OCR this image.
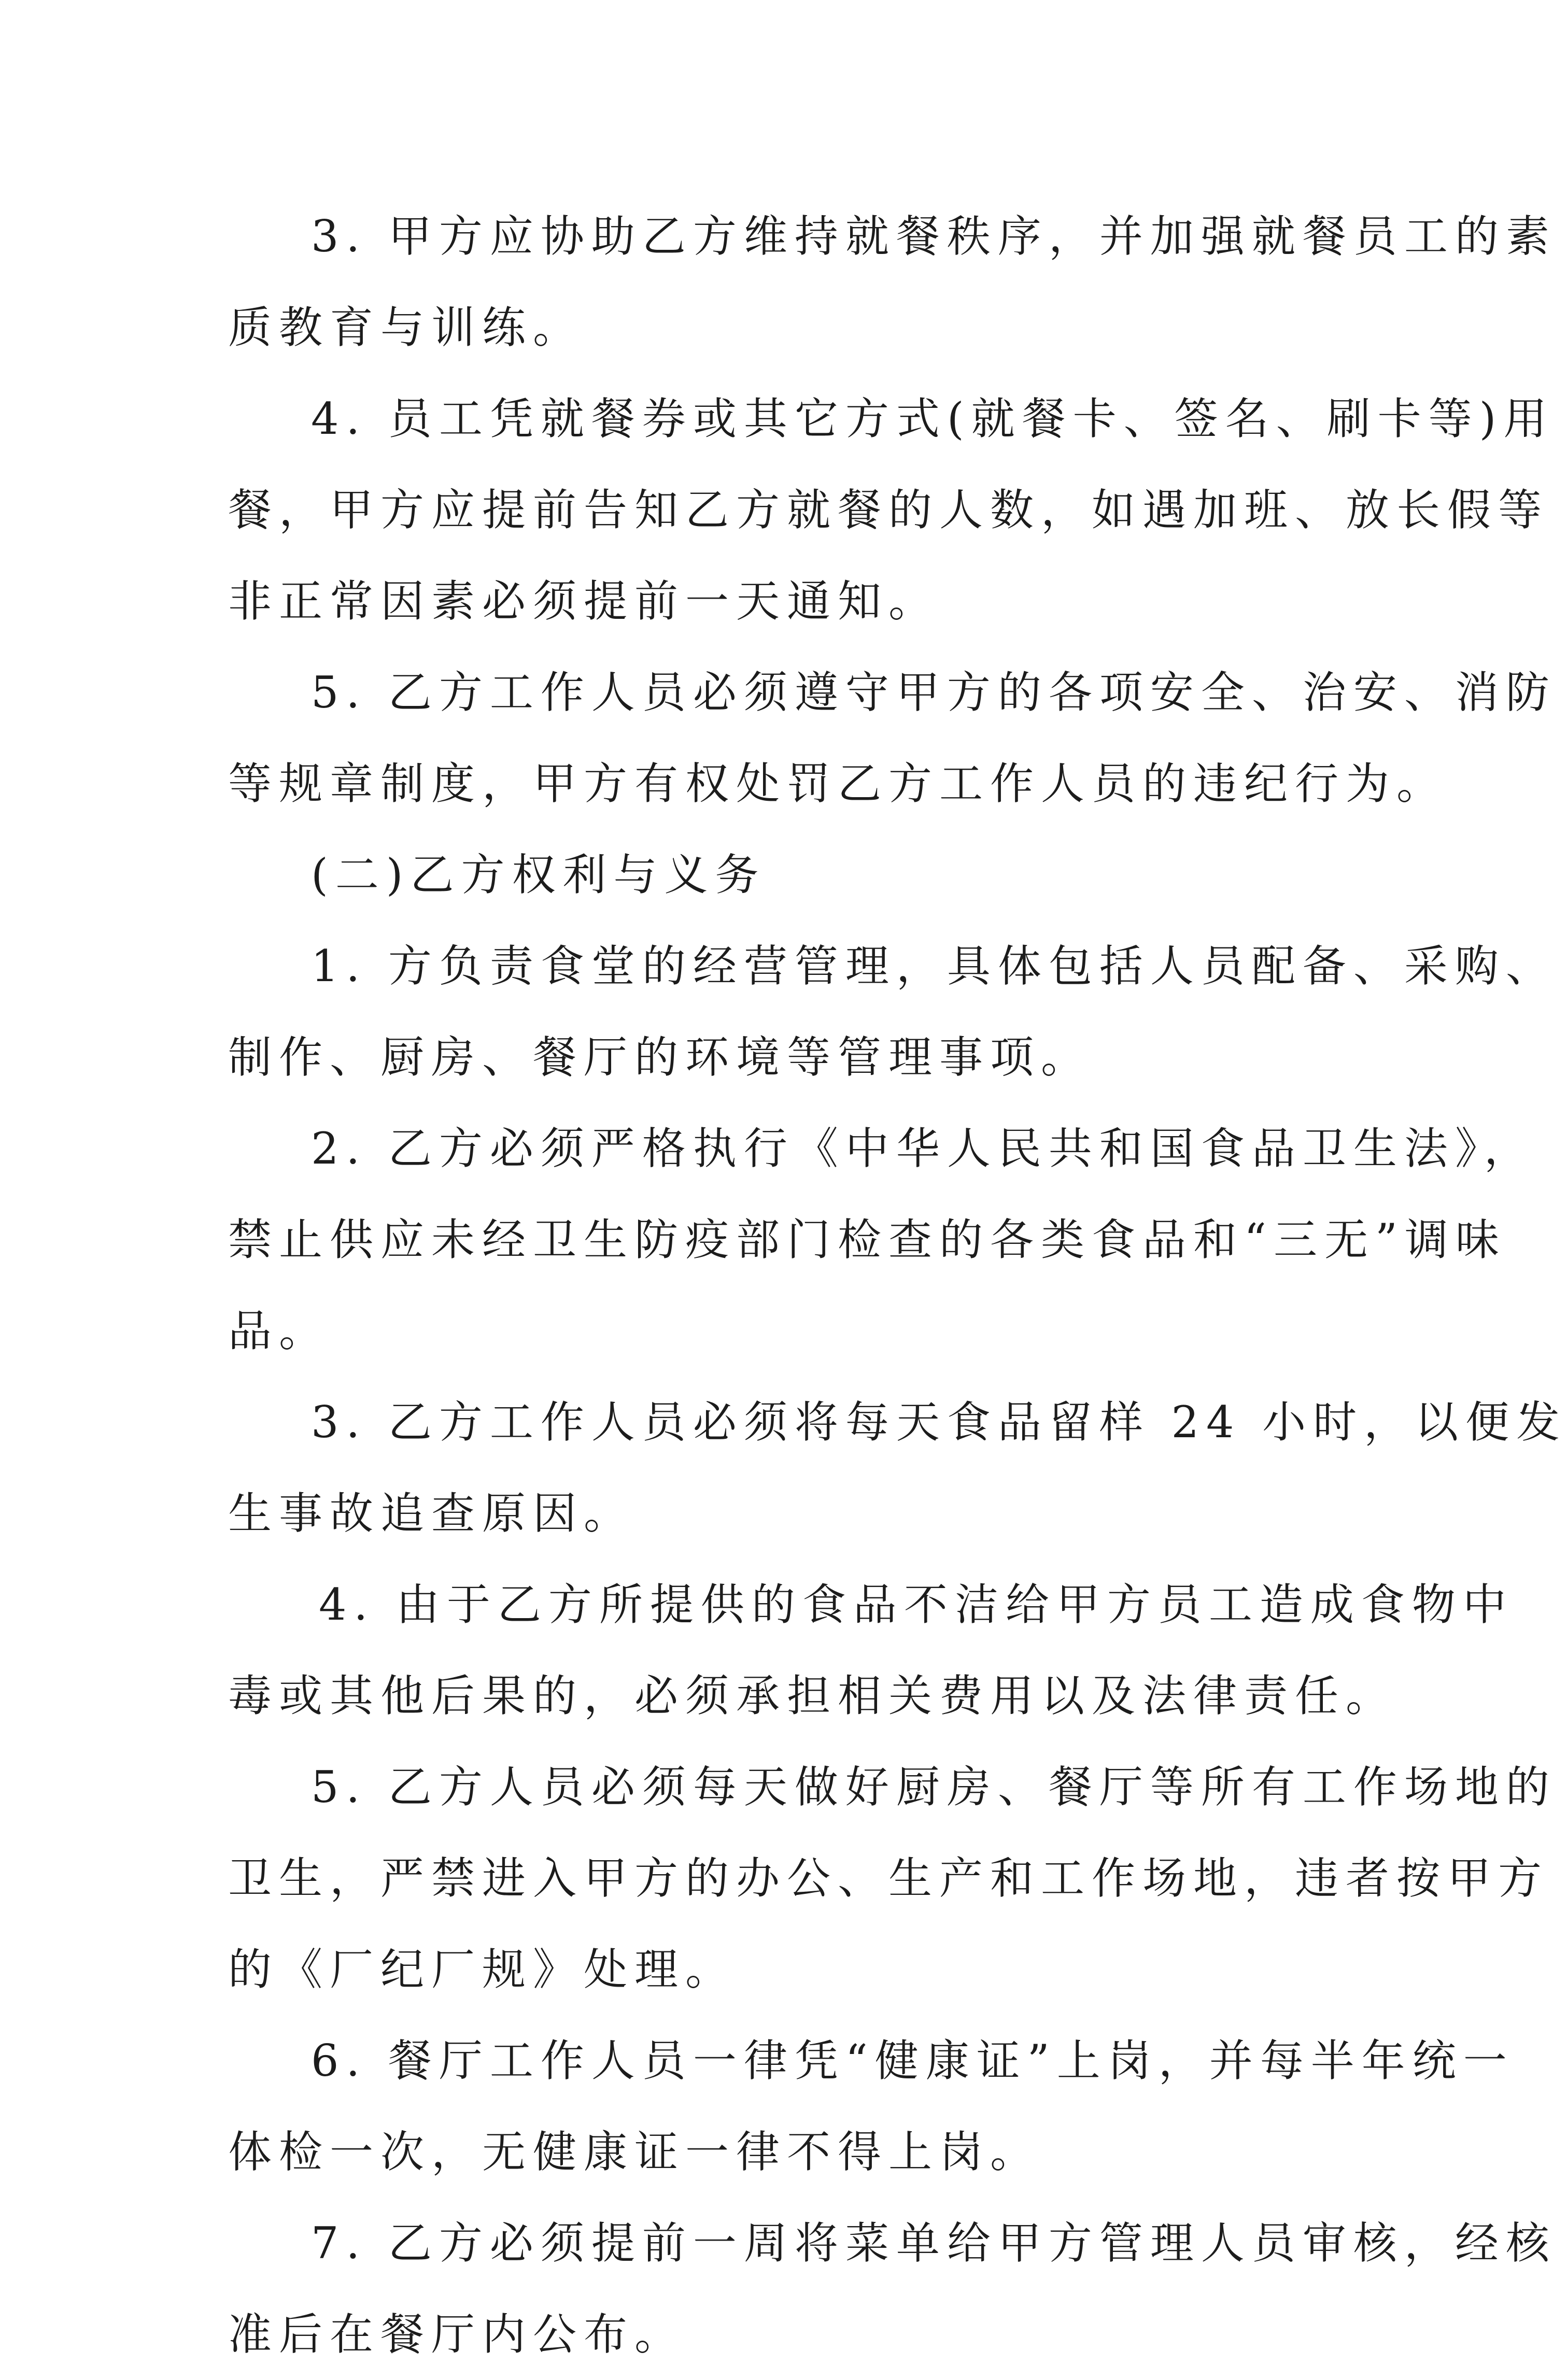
3. 甲方应协助乙方维持就餐秩序，并加强就餐员工的素
质教育与训练。
4. 员工凭就餐券或其它方式(就餐卡、签名、刷卡等)用
餐，甲方应提前告知乙方就餐的人数，如遇加班、放长假等
非正常因素必须提前一天通知。
5. 乙方工作人员必须遵守甲方的各项安全、治安、消防
等规章制度，甲方有权处罚乙方工作人员的违纪行为。
(二)乙方权利与义务
1. 方负责食堂的经营管理，具体包括人员配备、采购、
制作、厨房、餐厅的环境等管理事项。
2. 乙方必须严格执行《中华人民共和国食品卫生法》，
禁止供应未经卫生防疫部门检查的各类食品和“三无”调味
品。
3. 乙方工作人员必须将每天食品留样 24 小时，以便发
生事故追查原因。
4. 由于乙方所提供的食品不洁给甲方员工造成食物中
毒或其他后果的，必须承担相关费用以及法律责任。
5. 乙方人员必须每天做好厨房、餐厅等所有工作场地的
卫生，严禁进入甲方的办公、生产和工作场地，违者按甲方
的《厂纪厂规》处理。
6. 餐厅工作人员一律凭“健康证”上岗，并每半年统一
体检一次，无健康证一律不得上岗。
7. 乙方必须提前一周将菜单给甲方管理人员审核，经核
准后在餐厅内公布。
